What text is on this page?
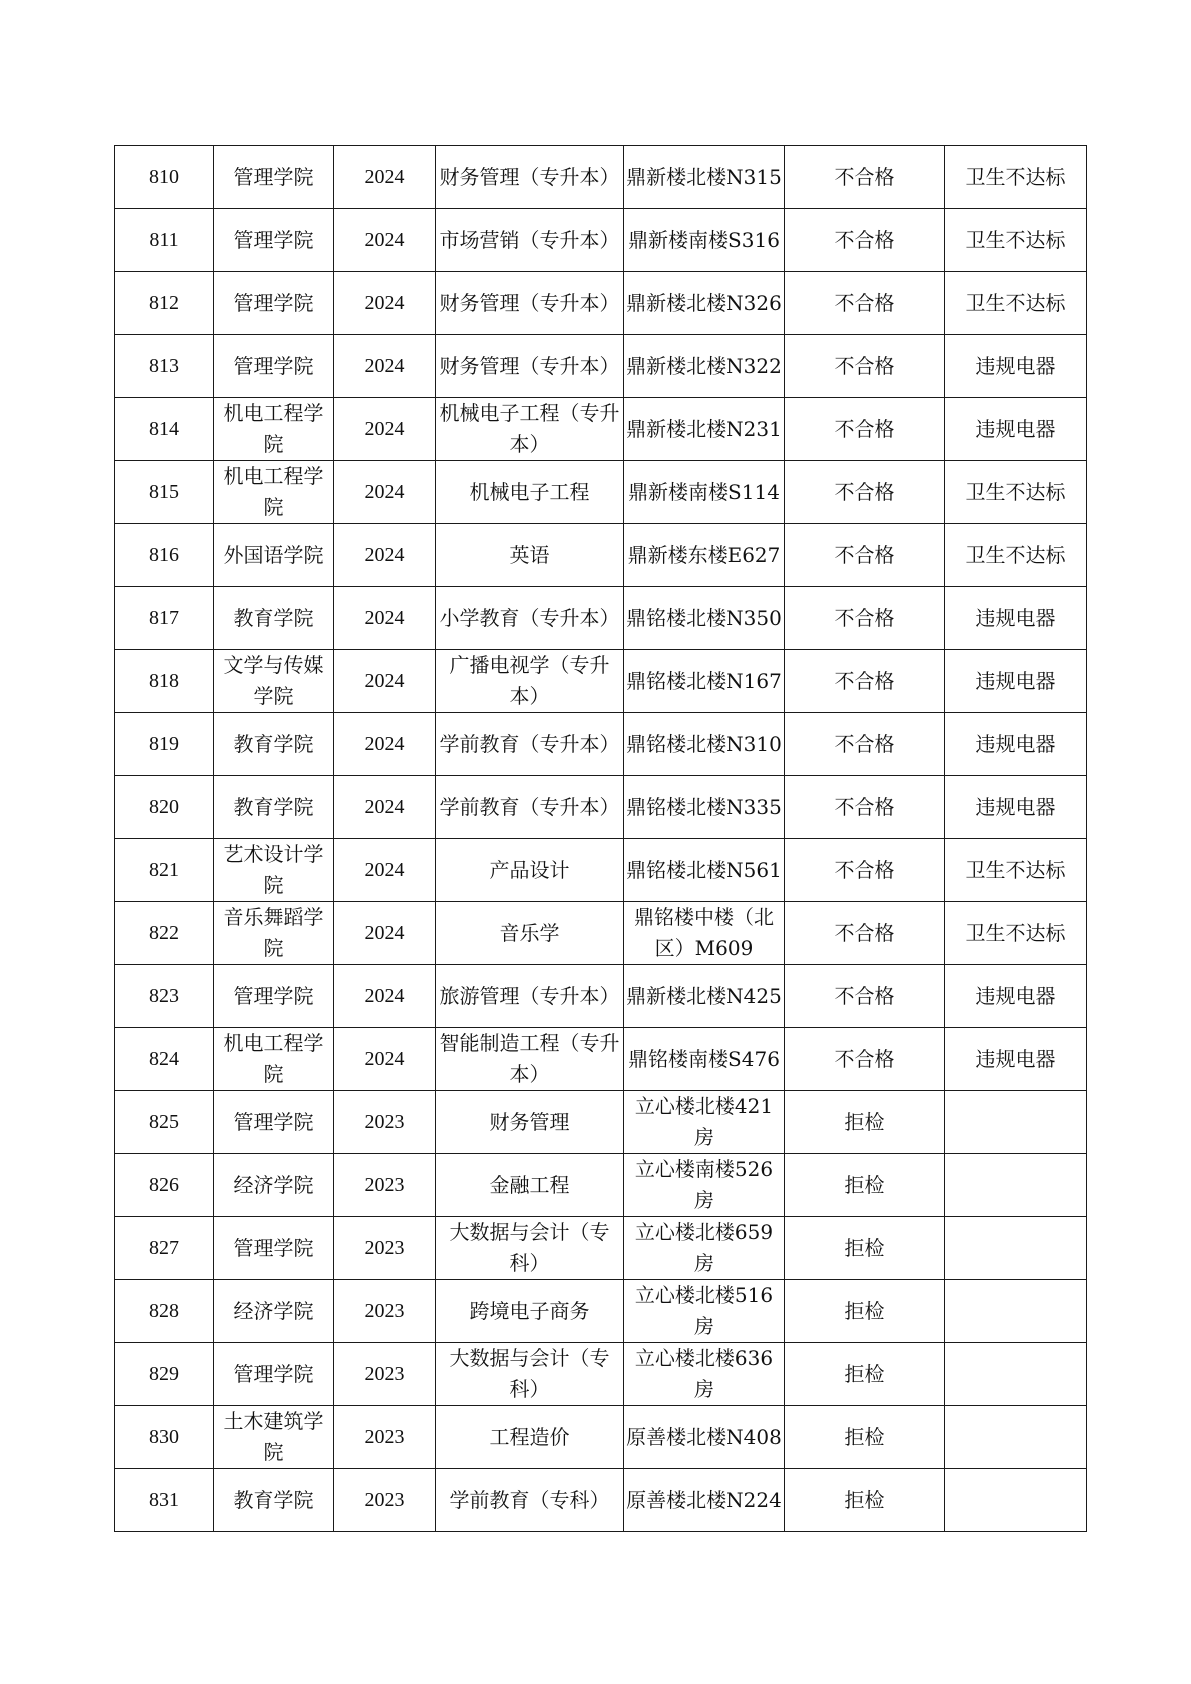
810	管理学院	2024	财务管理（专升本）	鼎新楼北楼N315	不合格	卫生不达标
811	管理学院	2024	市场营销（专升本）	鼎新楼南楼S316	不合格	卫生不达标
812	管理学院	2024	财务管理（专升本）	鼎新楼北楼N326	不合格	卫生不达标
813	管理学院	2024	财务管理（专升本）	鼎新楼北楼N322	不合格	违规电器
814	机电工程学院	2024	机械电子工程（专升本）	鼎新楼北楼N231	不合格	违规电器
815	机电工程学院	2024	机械电子工程	鼎新楼南楼S114	不合格	卫生不达标
816	外国语学院	2024	英语	鼎新楼东楼E627	不合格	卫生不达标
817	教育学院	2024	小学教育（专升本）	鼎铭楼北楼N350	不合格	违规电器
818	文学与传媒学院	2024	广播电视学（专升本）	鼎铭楼北楼N167	不合格	违规电器
819	教育学院	2024	学前教育（专升本）	鼎铭楼北楼N310	不合格	违规电器
820	教育学院	2024	学前教育（专升本）	鼎铭楼北楼N335	不合格	违规电器
821	艺术设计学院	2024	产品设计	鼎铭楼北楼N561	不合格	卫生不达标
822	音乐舞蹈学院	2024	音乐学	鼎铭楼中楼（北区）M609	不合格	卫生不达标
823	管理学院	2024	旅游管理（专升本）	鼎新楼北楼N425	不合格	违规电器
824	机电工程学院	2024	智能制造工程（专升本）	鼎铭楼南楼S476	不合格	违规电器
825	管理学院	2023	财务管理	立心楼北楼421房	拒检	
826	经济学院	2023	金融工程	立心楼南楼526房	拒检	
827	管理学院	2023	大数据与会计（专科）	立心楼北楼659房	拒检	
828	经济学院	2023	跨境电子商务	立心楼北楼516房	拒检	
829	管理学院	2023	大数据与会计（专科）	立心楼北楼636房	拒检	
830	土木建筑学院	2023	工程造价	原善楼北楼N408	拒检	
831	教育学院	2023	学前教育（专科）	原善楼北楼N224	拒检	
